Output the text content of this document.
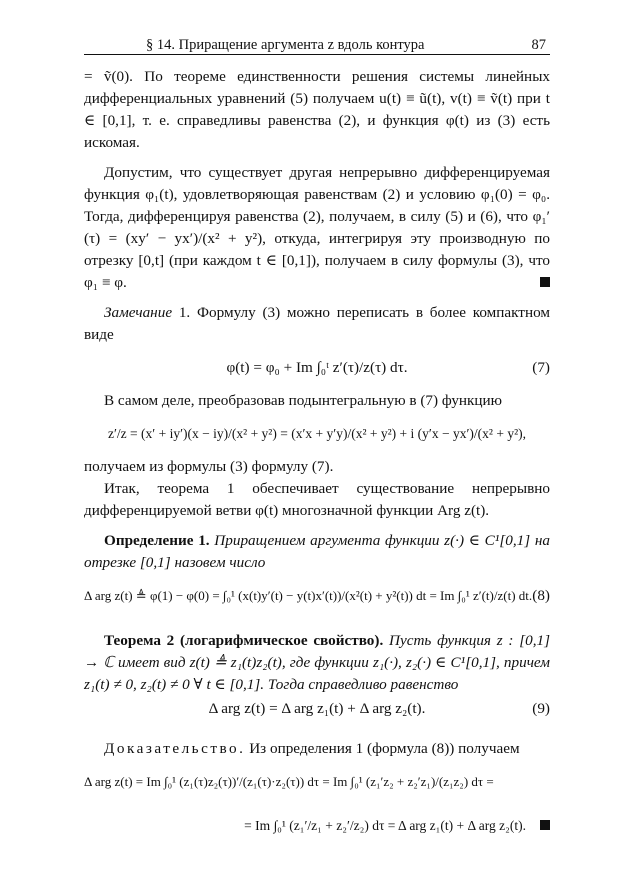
§ 14. Приращение аргумента z вдоль контура	87

= ṽ(0). По теореме единственности решения системы линейных дифференциальных уравнений (5) получаем u(t) ≡ ũ(t), v(t) ≡ ṽ(t) при t ∈ [0,1], т. е. справедливы равенства (2), и функция φ(t) из (3) есть искомая.

Допустим, что существует другая непрерывно дифференцируемая функция φ₁(t), удовлетворяющая равенствам (2) и условию φ₁(0) = φ₀. Тогда, дифференцируя равенства (2), получаем, в силу (5) и (6), что φ₁′(τ) = (xy′ − yx′)/(x² + y²), откуда, интегрируя эту производную по отрезку [0,t] (при каждом t ∈ [0,1]), получаем в силу формулы (3), что φ₁ ≡ φ.

Замечание 1. Формулу (3) можно переписать в более компактном виде

φ(t) = φ₀ + Im ∫₀ᵗ z′(τ)/z(τ) dτ.	(7)

В самом деле, преобразовав подынтегральную в (7) функцию

z′/z = (x′ + iy′)(x − iy)/(x² + y²) = (x′x + y′y)/(x² + y²) + i (y′x − yx′)/(x² + y²),

получаем из формулы (3) формулу (7).

Итак, теорема 1 обеспечивает существование непрерывно дифференцируемой ветви φ(t) многозначной функции Arg z(t).

Определение 1. Приращением аргумента функции z(·) ∈ C¹[0,1] на отрезке [0,1] назовем число

Δ arg z(t) ≜ φ(1) − φ(0) = ∫₀¹ (x(t)y′(t) − y(t)x′(t))/(x²(t) + y²(t)) dt = Im ∫₀¹ z′(t)/z(t) dt. (8)

Теорема 2 (логарифмическое свойство). Пусть функция z : [0,1] → ℂ имеет вид z(t) ≜ z₁(t)z₂(t), где функции z₁(·), z₂(·) ∈ C¹[0,1], причем z₁(t) ≠ 0, z₂(t) ≠ 0 ∀ t ∈ [0,1]. Тогда справедливо равенство

Δ arg z(t) = Δ arg z₁(t) + Δ arg z₂(t).	(9)

Доказательство. Из определения 1 (формула (8)) получаем

Δ arg z(t) = Im ∫₀¹ (z₁(τ)z₂(τ))′/(z₁(τ)·z₂(τ)) dτ = Im ∫₀¹ (z₁′z₂ + z₂′z₁)/(z₁z₂) dτ =
= Im ∫₀¹ (z₁′/z₁ + z₂′/z₂) dτ = Δ arg z₁(t) + Δ arg z₂(t).
